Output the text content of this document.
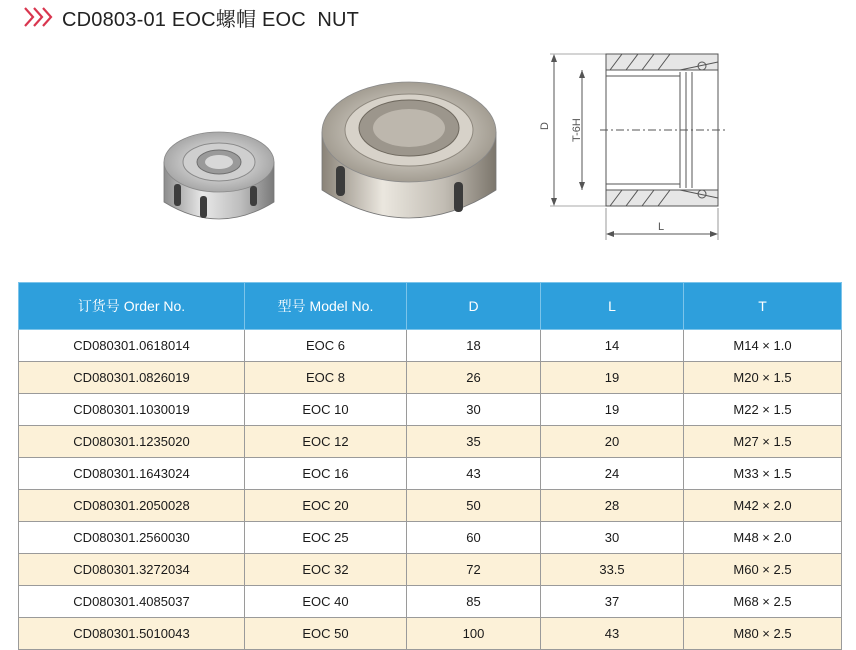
CD0803-01 EOC螺帽 EOC  NUT
D T-6H
L
订货号 Order No.	型号 Model No.	D	L	T
CD080301.0618014	EOC 6	18	14	M14 × 1.0
CD080301.0826019	EOC 8	26	19	M20 × 1.5
CD080301.1030019	EOC 10	30	19	M22 × 1.5
CD080301.1235020	EOC 12	35	20	M27 × 1.5
CD080301.1643024	EOC 16	43	24	M33 × 1.5
CD080301.2050028	EOC 20	50	28	M42 × 2.0
CD080301.2560030	EOC 25	60	30	M48 × 2.0
CD080301.3272034	EOC 32	72	33.5	M60 × 2.5
CD080301.4085037	EOC 40	85	37	M68 × 2.5
CD080301.5010043	EOC 50	100	43	M80 × 2.5
